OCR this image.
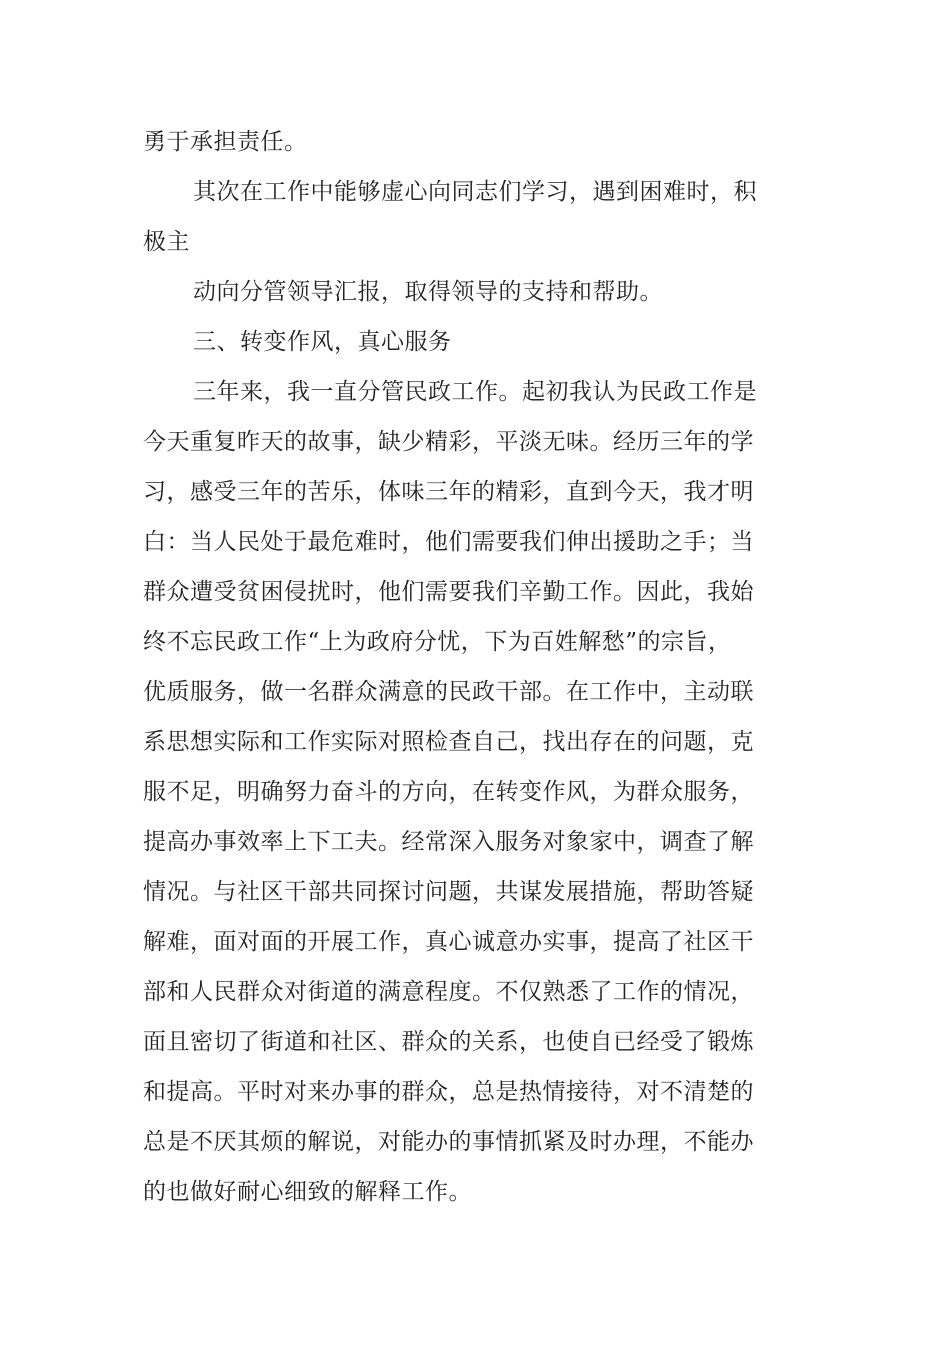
勇于承担责任。
其次在工作中能够虚心向同志们学习，遇到困难时，积
极主
动向分管领导汇报，取得领导的支持和帮助。
三、转变作风，真心服务
三年来，我一直分管民政工作。起初我认为民政工作是
今天重复昨天的故事，缺少精彩，平淡无味。经历三年的学
习，感受三年的苦乐，体味三年的精彩，直到今天，我才明
白：当人民处于最危难时，他们需要我们伸出援助之手；当
群众遭受贫困侵扰时，他们需要我们辛勤工作。因此，我始
终不忘民政工作“上为政府分忧，下为百姓解愁”的宗旨，
优质服务，做一名群众满意的民政干部。在工作中，主动联
系思想实际和工作实际对照检查自己，找出存在的问题，克
服不足，明确努力奋斗的方向，在转变作风，为群众服务，
提高办事效率上下工夫。经常深入服务对象家中，调查了解
情况。与社区干部共同探讨问题，共谋发展措施，帮助答疑
解难，面对面的开展工作，真心诚意办实事，提高了社区干
部和人民群众对街道的满意程度。不仅熟悉了工作的情况，
面且密切了街道和社区、群众的关系，也使自已经受了锻炼
和提高。平时对来办事的群众，总是热情接待，对不清楚的
总是不厌其烦的解说，对能办的事情抓紧及时办理，不能办
的也做好耐心细致的解释工作。
